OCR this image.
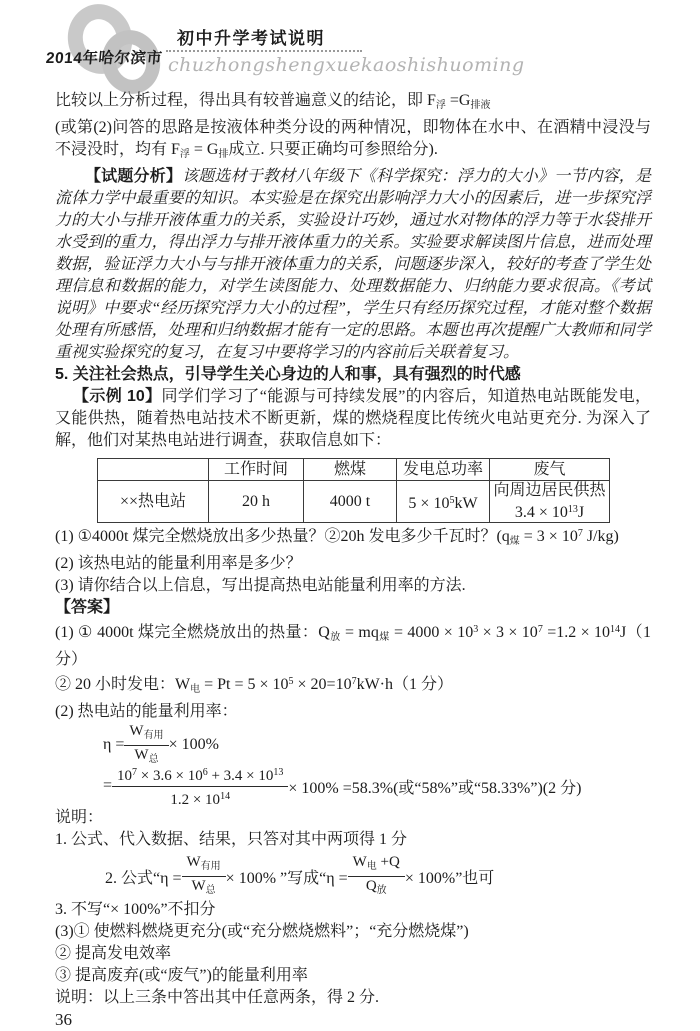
2014年哈尔滨市
初中升学考试说明
chuzhongshengxuekaoshishuoming

比较以上分析过程，得出具有较普遍意义的结论，即 $F_浮 =G_{排液}$

(或第(2)问答的思路是按液体种类分设的两种情况，即物体在水中、在酒精中浸没与不浸没时，均有 $F_浮 = G_排$成立. 只要正确均可参照给分).

【试题分析】该题选材于教材八年级下《科学探究：浮力的大小》一节内容，是流体力学中最重要的知识。本实验是在探究出影响浮力大小的因素后，进一步探究浮力的大小与排开液体重力的关系，实验设计巧妙，通过水对物体的浮力等于水袋排开水受到的重力，得出浮力与排开液体重力的关系。实验要求解读图片信息，进而处理数据，验证浮力大小与与排开液体重力的关系，问题逐步深入，较好的考查了学生处理信息和数据的能力，对学生读图能力、处理数据能力、归纳能力要求很高。《考试说明》中要求“经历探究浮力大小的过程”，学生只有经历探究过程，才能对整个数据处理有所感悟，处理和归纳数据才能有一定的思路。本题也再次提醒广大教师和同学重视实验探究的复习，在复习中要将学习的内容前后关联着复习。

5. 关注社会热点，引导学生关心身边的人和事，具有强烈的时代感

【示例 10】同学们学习了“能源与可持续发展”的内容后，知道热电站既能发电，又能供热，随着热电站技术不断更新，煤的燃烧程度比传统火电站更充分. 为深入了解，他们对某热电站进行调查，获取信息如下：

	工作时间	燃煤	发电总功率	废气
××热电站	20 h	4000 t	$5 \times 10^5kW$	向周边居民供热
$3.4 \times 10^{13}J$

(1) ①4000t 煤完全燃烧放出多少热量？②20h 发电多少千瓦时？($q_煤 = 3 \times 10^7$ J/kg)

(2) 该热电站的能量利用率是多少？

(3) 请你结合以上信息，写出提高热电站能量利用率的方法.

【答案】

(1) ① 4000t 煤完全燃烧放出的热量：$Q_放 = mq_煤 = 4000 \times 10^3 \times 3 \times 10^7 =1.2 \times 10^{14}J(1$分）

② 20 小时发电：$W_电 = Pt = 5 \times 10^5 \times 20=10^7kW\cdot h(1$ 分）

(2) 热电站的能量利用率：

$\eta = \frac{W_{有用}}{W_总} \times 100\%$
= $\frac{10^7 \times 3.6 \times 10^6 + 3.4 \times 10^{13}}{1.2 \times 10^{14}} \times 100\% =58.3\%$(或“58%”或“58.33%”)(2 分)

说明：

1. 公式、代入数据、结果，只答对其中两项得 1 分

2. 公式“$\eta = \frac{W_{有用}}{W_总} \times 100\%$ ”写成“$\eta = \frac{W_电 +Q}{Q_放} \times 100\%$”也可

3. 不写“× 100%”不扣分

(3)① 使燃料燃烧更充分(或“充分燃烧燃料”；“充分燃烧煤”)

② 提高发电效率

③ 提高废弃(或“废气”)的能量利用率

说明：以上三条中答出其中任意两条，得 2 分.

36
